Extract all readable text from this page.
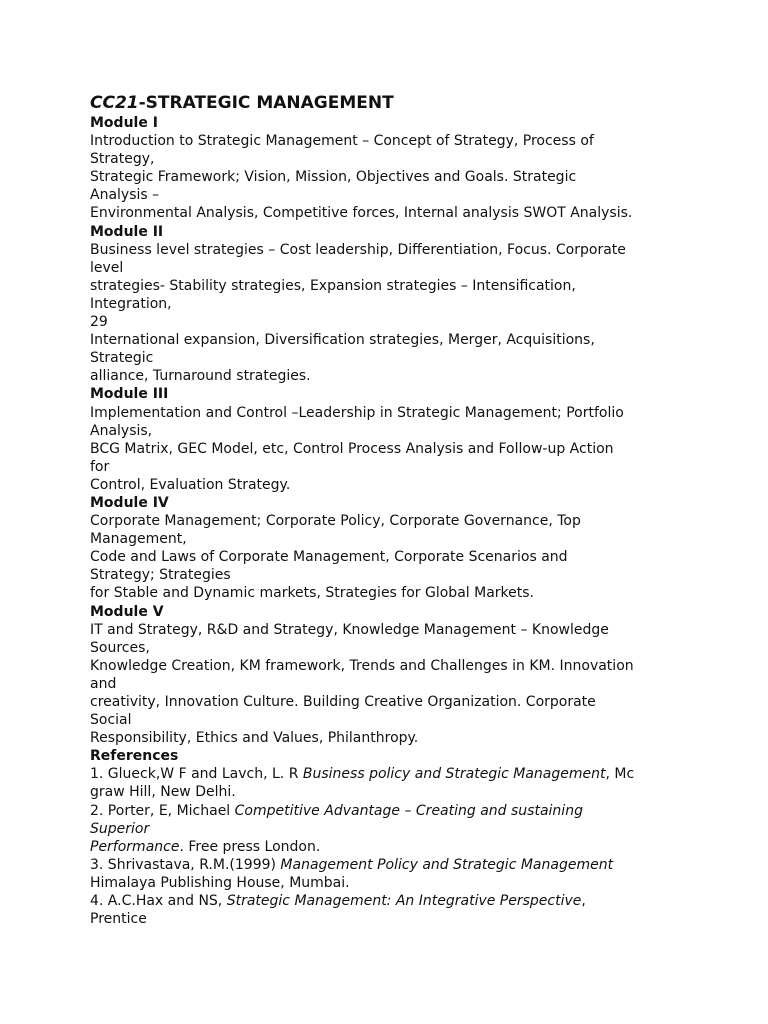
CC21-STRATEGIC MANAGEMENT
Module I
Introduction to Strategic Management – Concept of Strategy, Process of
Strategy,
Strategic Framework; Vision, Mission, Objectives and Goals. Strategic
Analysis –
Environmental Analysis, Competitive forces, Internal analysis SWOT Analysis.
Module II
Business level strategies – Cost leadership, Differentiation, Focus. Corporate
level
strategies- Stability strategies, Expansion strategies – Intensification,
Integration,
29
International expansion, Diversification strategies, Merger, Acquisitions,
Strategic
alliance, Turnaround strategies.
Module III
Implementation and Control –Leadership in Strategic Management; Portfolio
Analysis,
BCG Matrix, GEC Model, etc, Control Process Analysis and Follow-up Action
for
Control, Evaluation Strategy.
Module IV
Corporate Management; Corporate Policy, Corporate Governance, Top
Management,
Code and Laws of Corporate Management, Corporate Scenarios and
Strategy; Strategies
for Stable and Dynamic markets, Strategies for Global Markets.
Module V
IT and Strategy, R&D and Strategy, Knowledge Management – Knowledge
Sources,
Knowledge Creation, KM framework, Trends and Challenges in KM. Innovation
and
creativity, Innovation Culture. Building Creative Organization. Corporate
Social
Responsibility, Ethics and Values, Philanthropy.
References
1. Glueck,W F and Lavch, L. R Business policy and Strategic Management, Mc
graw Hill, New Delhi.
2. Porter, E, Michael Competitive Advantage – Creating and sustaining
Superior
Performance. Free press London.
3. Shrivastava, R.M.(1999) Management Policy and Strategic Management
Himalaya Publishing House, Mumbai.
4. A.C.Hax and NS, Strategic Management: An Integrative Perspective,
Prentice
